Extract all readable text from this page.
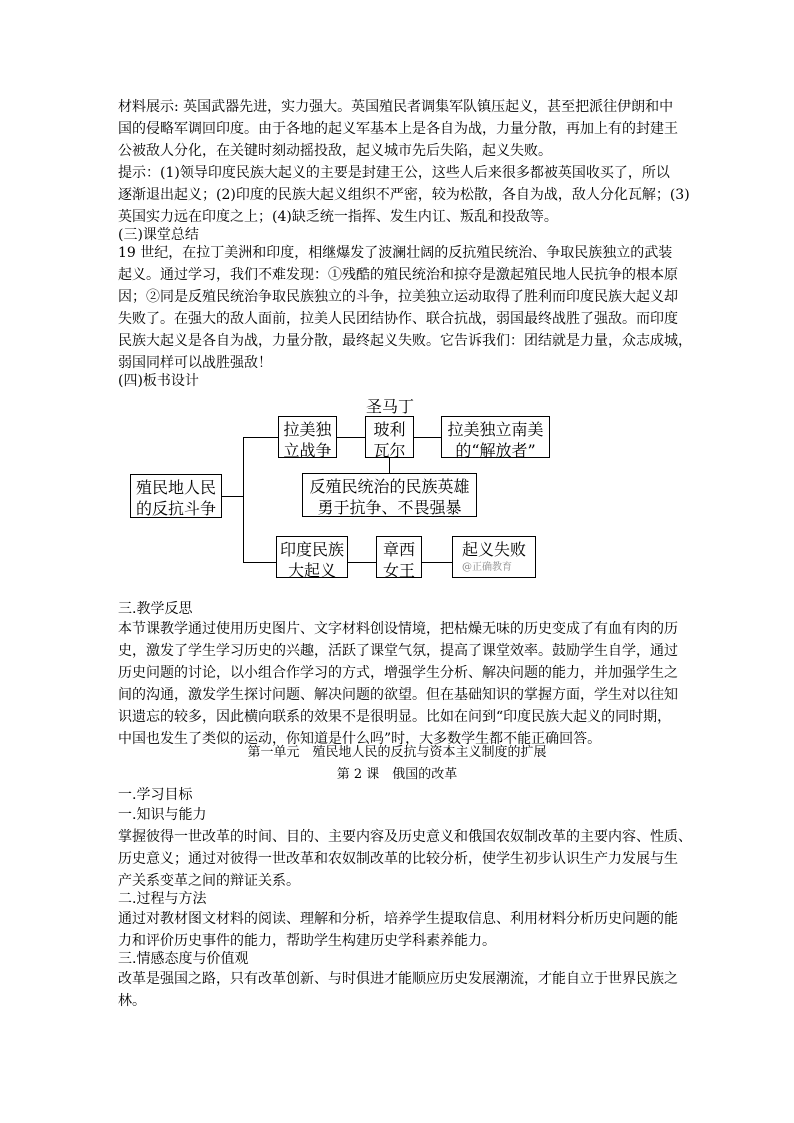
材料展示: 英国武器先进，实力强大。英国殖民者调集军队镇压起义，甚至把派往伊朗和中
国的侵略军调回印度。由于各地的起义军基本上是各自为战，力量分散，再加上有的封建王
公被敌人分化，在关键时刻动摇投敌，起义城市先后失陷，起义失败。
提示：(1)领导印度民族大起义的主要是封建王公，这些人后来很多都被英国收买了，所以
逐渐退出起义；(2)印度的民族大起义组织不严密，较为松散，各自为战，敌人分化瓦解；(3)
英国实力远在印度之上；(4)缺乏统一指挥、发生内讧、叛乱和投敌等。
(三)课堂总结
19 世纪，在拉丁美洲和印度，相继爆发了波澜壮阔的反抗殖民统治、争取民族独立的武装
起义。通过学习，我们不难发现：①残酷的殖民统治和掠夺是激起殖民地人民抗争的根本原
因；②同是反殖民统治争取民族独立的斗争，拉美独立运动取得了胜利而印度民族大起义却
失败了。在强大的敌人面前，拉美人民团结协作、联合抗战，弱国最终战胜了强敌。而印度
民族大起义是各自为战，力量分散，最终起义失败。它告诉我们：团结就是力量，众志成城，
弱国同样可以战胜强敌！
(四)板书设计
殖民地人民
的反抗斗争
拉美独
立战争
圣马丁
玻利
瓦尔
拉美独立南美
的“解放者”
反殖民统治的民族英雄
勇于抗争、不畏强暴
印度民族
大起义
章西
女王
起义失败

@正确教育
三.教学反思
本节课教学通过使用历史图片、文字材料创设情境，把枯燥无味的历史变成了有血有肉的历
史，激发了学生学习历史的兴趣，活跃了课堂气氛，提高了课堂效率。鼓励学生自学，通过
历史问题的讨论，以小组合作学习的方式，增强学生分析、解决问题的能力，并加强学生之
间的沟通，激发学生探讨问题、解决问题的欲望。但在基础知识的掌握方面，学生对以往知
识遗忘的较多，因此横向联系的效果不是很明显。比如在问到“印度民族大起义的同时期，
中国也发生了类似的运动，你知道是什么吗”时，大多数学生都不能正确回答。
第一单元　殖民地人民的反抗与资本主义制度的扩展
第 2 课　俄国的改革
一.学习目标
一.知识与能力
掌握彼得一世改革的时间、目的、主要内容及历史意义和俄国农奴制改革的主要内容、性质、
历史意义；通过对彼得一世改革和农奴制改革的比较分析，使学生初步认识生产力发展与生
产关系变革之间的辩证关系。
二.过程与方法
通过对教材图文材料的阅读、理解和分析，培养学生提取信息、利用材料分析历史问题的能
力和评价历史事件的能力，帮助学生构建历史学科素养能力。
三.情感态度与价值观
改革是强国之路，只有改革创新、与时俱进才能顺应历史发展潮流，才能自立于世界民族之
林。
